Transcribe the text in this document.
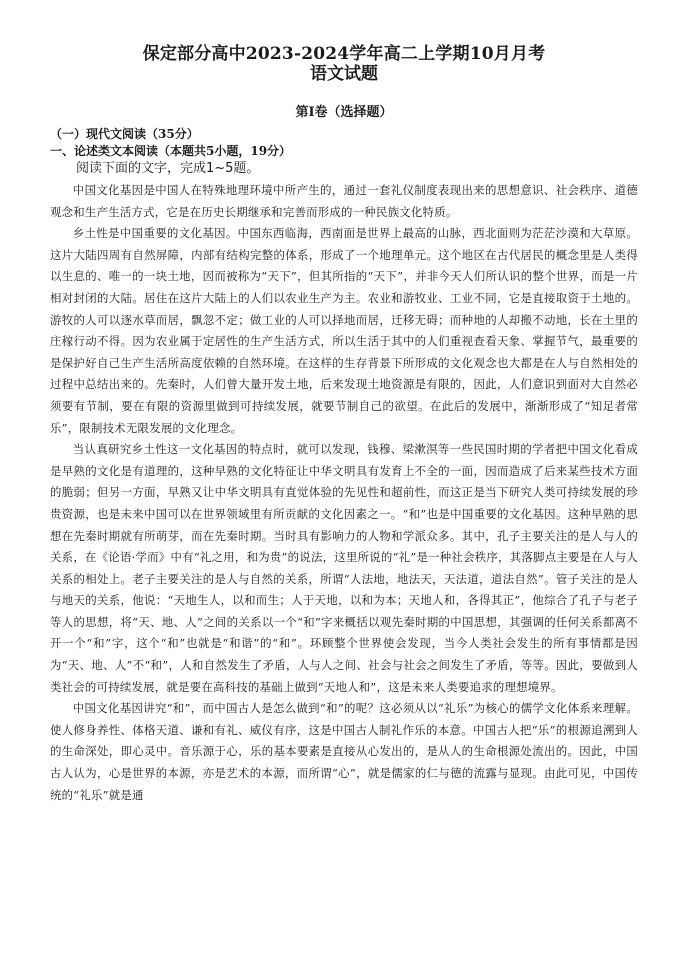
保定部分高中2023-2024学年高二上学期10月月考
语文试题
第Ⅰ卷（选择题）
（一）现代文阅读（35分）
一、论述类文本阅读（本题共5小题，19分）
阅读下面的文字，完成1~5题。

中国文化基因是中国人在特殊地理环境中所产生的，通过一套礼仪制度表现出来的思想意识、社会秩序、道德观念和生产生活方式，它是在历史长期继承和完善而形成的一种民族文化特质。

乡土性是中国重要的文化基因。中国东西临海，西南面是世界上最高的山脉，西北面则为茫茫沙漠和大草原。这片大陆四周有自然屏障，内部有结构完整的体系，形成了一个地理单元。这个地区在古代居民的概念里是人类得以生息的、唯一的一块土地，因而被称为“天下”，但其所指的“天下”，并非今天人们所认识的整个世界，而是一片相对封闭的大陆。居住在这片大陆上的人们以农业生产为主。农业和游牧业、工业不同，它是直接取资于土地的。游牧的人可以逐水草而居，飘忽不定；做工业的人可以择地而居，迁移无碍；而种地的人却搬不动地，长在土里的庄稼行动不得。因为农业属于定居性的生产生活方式，所以生活于其中的人们重视查看天象、掌握节气，最重要的是保护好自己生产生活所高度依赖的自然环境。在这样的生存背景下所形成的文化观念也大都是在人与自然相处的过程中总结出来的。先秦时，人们曾大量开发土地，后来发现土地资源是有限的，因此，人们意识到面对大自然必须要有节制，要在有限的资源里做到可持续发展，就要节制自己的欲望。在此后的发展中，渐渐形成了“知足者常乐”，限制技术无限发展的文化理念。

当认真研究乡土性这一文化基因的特点时，就可以发现，钱穆、梁漱溟等一些民国时期的学者把中国文化看成是早熟的文化是有道理的，这种早熟的文化特征让中华文明具有发育上不全的一面，因而造成了后来某些技术方面的脆弱；但另一方面，早熟又让中华文明具有直觉体验的先见性和超前性，而这正是当下研究人类可持续发展的珍贵资源，也是未来中国可以在世界领域里有所贡献的文化因素之一。“和”也是中国重要的文化基因。这种早熟的思想在先秦时期就有所萌芽，而在先秦时期。当时具有影响力的人物和学派众多。其中，孔子主要关注的是人与人的关系，在《论语·学而》中有“礼之用，和为贵”的说法，这里所说的“礼”是一种社会秩序，其落脚点主要是在人与人关系的相处上。老子主要关注的是人与自然的关系，所谓“人法地，地法天，天法道，道法自然”。管子关注的是人与地天的关系，他说：“天地生人，以和而生；人于天地，以和为本；天地人和，各得其正”，他综合了孔子与老子等人的思想，将“天、地、人”之间的关系以一个“和”字来概括以观先秦时期的中国思想，其强调的任何关系都离不开一个“和”字，这个“和”也就是“和谐”的“和”。环顾整个世界使会发现，当今人类社会发生的所有事情都是因为“天、地、人”不“和”，人和自然发生了矛盾，人与人之间、社会与社会之间发生了矛盾，等等。因此，要做到人类社会的可持续发展，就是要在高科技的基础上做到“天地人和”，这是未来人类要追求的理想境界。

中国文化基因讲究“和”，而中国古人是怎么做到“和”的呢？这必须从以“礼乐”为核心的儒学文化体系来理解。使人修身养性、体格天道、谦和有礼、威仪有序，这是中国古人制礼作乐的本意。中国古人把“乐”的根源追溯到人的生命深处，即心灵中。音乐源于心，乐的基本要素是直接从心发出的，是从人的生命根源处流出的。因此，中国古人认为，心是世界的本源，亦是艺术的本源，而所谓“心”，就是儒家的仁与德的流露与显现。由此可见，中国传统的“礼乐”就是通
